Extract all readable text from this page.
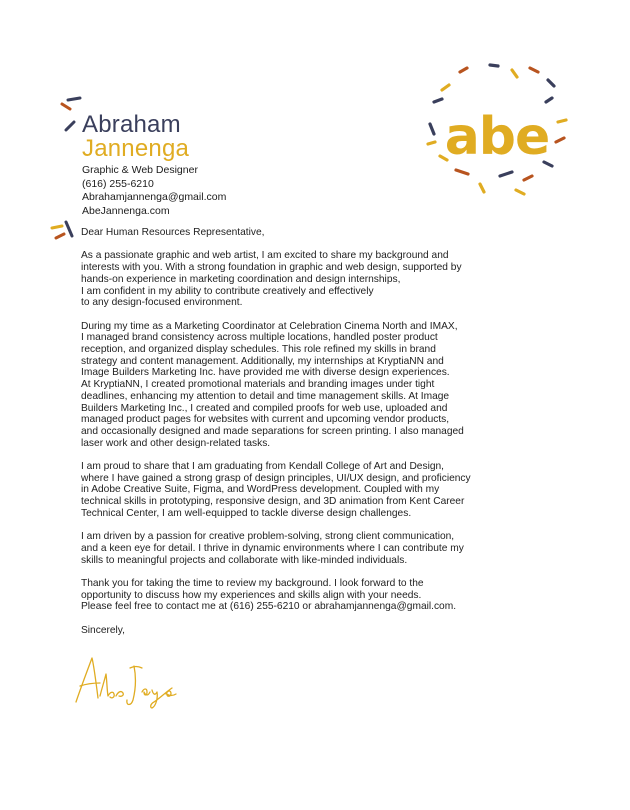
Abraham
Jannenga
Graphic & Web Designer
(616) 255-6210
Abrahamjannenga@gmail.com
AbeJannenga.com
abe

Dear Human Resources Representative,

As a passionate graphic and web artist, I am excited to share my background and
interests with you. With a strong foundation in graphic and web design, supported by
hands-on experience in marketing coordination and design internships,
I am confident in my ability to contribute creatively and effectively
to any design-focused environment.

During my time as a Marketing Coordinator at Celebration Cinema North and IMAX,
I managed brand consistency across multiple locations, handled poster product
reception, and organized display schedules. This role refined my skills in brand
strategy and content management. Additionally, my internships at KryptiaNN and
Image Builders Marketing Inc. have provided me with diverse design experiences.
At KryptiaNN, I created promotional materials and branding images under tight
deadlines, enhancing my attention to detail and time management skills. At Image
Builders Marketing Inc., I created and compiled proofs for web use, uploaded and
managed product pages for websites with current and upcoming vendor products,
and occasionally designed and made separations for screen printing. I also managed
laser work and other design-related tasks.

I am proud to share that I am graduating from Kendall College of Art and Design,
where I have gained a strong grasp of design principles, UI/UX design, and proficiency
in Adobe Creative Suite, Figma, and WordPress development. Coupled with my
technical skills in prototyping, responsive design, and 3D animation from Kent Career
Technical Center, I am well-equipped to tackle diverse design challenges.

I am driven by a passion for creative problem-solving, strong client communication,
and a keen eye for detail. I thrive in dynamic environments where I can contribute my
skills to meaningful projects and collaborate with like-minded individuals.

Thank you for taking the time to review my background. I look forward to the
opportunity to discuss how my experiences and skills align with your needs.
Please feel free to contact me at (616) 255-6210 or abrahamjannenga@gmail.com.

Sincerely,
